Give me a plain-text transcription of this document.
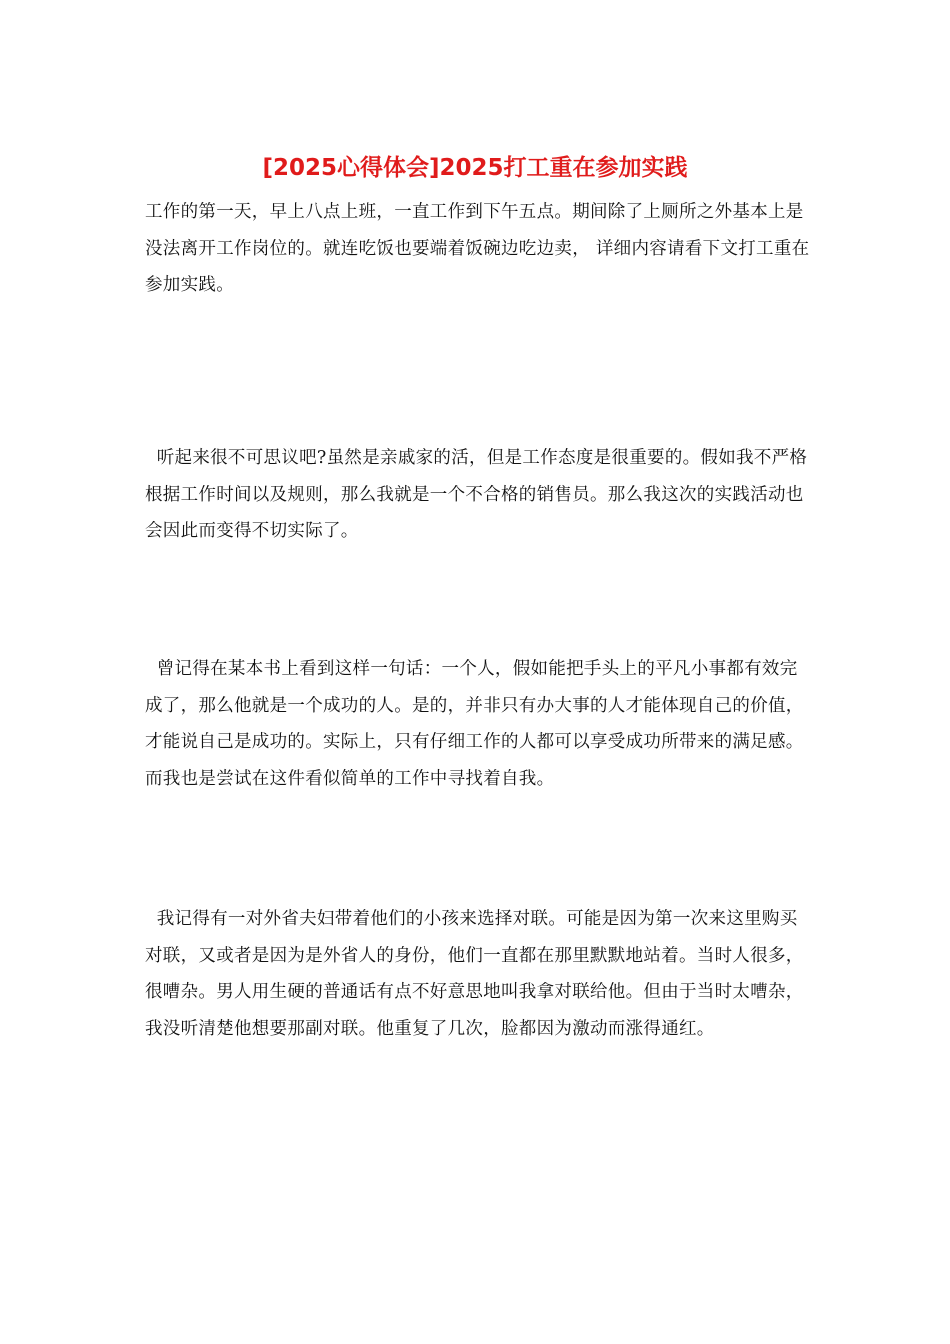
[2025心得体会]2025打工重在参加实践

工作的第一天，早上八点上班，一直工作到下午五点。期间除了上厕所之外基本上是没法离开工作岗位的。就连吃饭也要端着饭碗边吃边卖， 详细内容请看下文打工重在参加实践。

听起来很不可思议吧?虽然是亲戚家的活，但是工作态度是很重要的。假如我不严格根据工作时间以及规则，那么我就是一个不合格的销售员。那么我这次的实践活动也会因此而变得不切实际了。

曾记得在某本书上看到这样一句话：一个人，假如能把手头上的平凡小事都有效完成了，那么他就是一个成功的人。是的，并非只有办大事的人才能体现自己的价值，才能说自己是成功的。实际上，只有仔细工作的人都可以享受成功所带来的满足感。而我也是尝试在这件看似简单的工作中寻找着自我。

我记得有一对外省夫妇带着他们的小孩来选择对联。可能是因为第一次来这里购买对联，又或者是因为是外省人的身份，他们一直都在那里默默地站着。当时人很多，很嘈杂。男人用生硬的普通话有点不好意思地叫我拿对联给他。但由于当时太嘈杂，我没听清楚他想要那副对联。他重复了几次，脸都因为激动而涨得通红。
